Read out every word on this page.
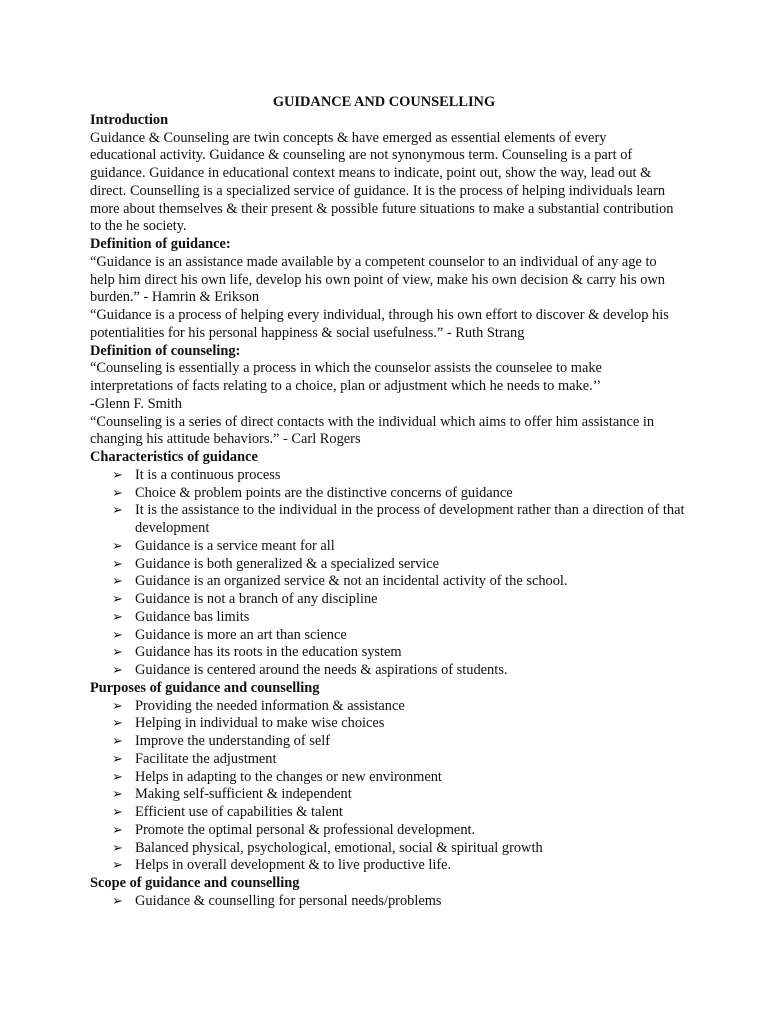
GUIDANCE AND COUNSELLING
Introduction

Guidance & Counseling are twin concepts & have emerged as essential elements of every educational activity. Guidance & counseling are not synonymous term. Counseling is a part of guidance. Guidance in educational context means to indicate, point out, show the way, lead out & direct. Counselling is a specialized service of guidance. It is the process of helping individuals learn more about themselves & their present & possible future situations to make a substantial contribution to the he society.

Definition of guidance:

“Guidance is an assistance made available by a competent counselor to an individual of any age to help him direct his own life, develop his own point of view, make his own decision & carry his own burden.” - Hamrin & Erikson

“Guidance is a process of helping every individual, through his own effort to discover & develop his potentialities for his personal happiness & social usefulness.” - Ruth Strang

Definition of counseling:

“Counseling is essentially a process in which the counselor assists the counselee to make interpretations of facts relating to a choice, plan or adjustment which he needs to make.’’

-Glenn F. Smith

“Counseling is a series of direct contacts with the individual which aims to offer him assistance in changing his attitude behaviors.” - Carl Rogers

Characteristics of guidance
➢ It is a continuous process
➢ Choice & problem points are the distinctive concerns of guidance
➢ It is the assistance to the individual in the process of development rather than a direction of that development
➢ Guidance is a service meant for all
➢ Guidance is both generalized & a specialized service
➢ Guidance is an organized service & not an incidental activity of the school.
➢ Guidance is not a branch of any discipline
➢ Guidance bas limits
➢ Guidance is more an art than science
➢ Guidance has its roots in the education system
➢ Guidance is centered around the needs & aspirations of students.
Purposes of guidance and counselling
➢ Providing the needed information & assistance
➢ Helping in individual to make wise choices
➢ Improve the understanding of self
➢ Facilitate the adjustment
➢ Helps in adapting to the changes or new environment
➢ Making self-sufficient & independent
➢ Efficient use of capabilities & talent
➢ Promote the optimal personal & professional development.
➢ Balanced physical, psychological, emotional, social & spiritual growth
➢ Helps in overall development & to live productive life.
Scope of guidance and counselling
➢ Guidance & counselling for personal needs/problems
